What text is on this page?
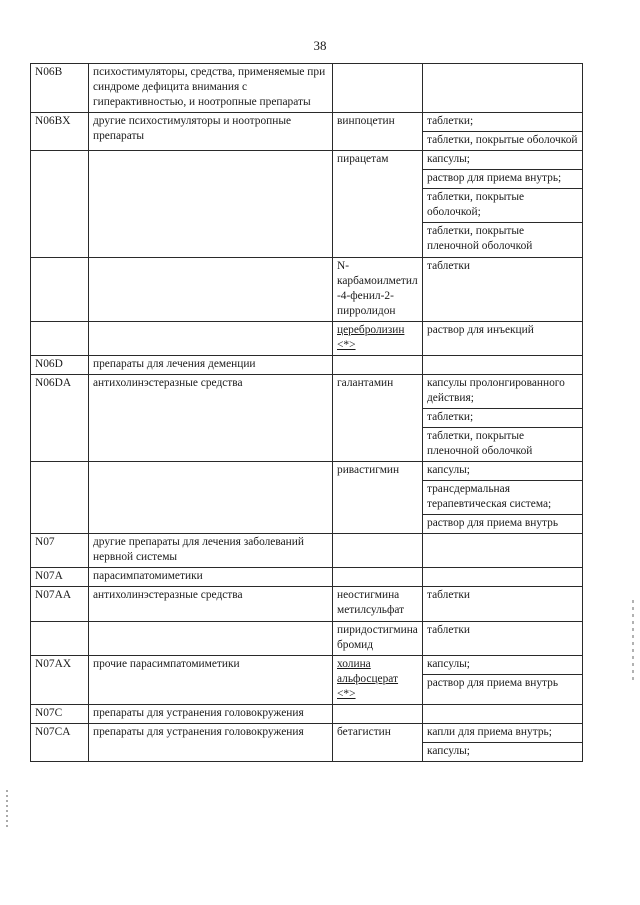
38
N06B	психостимуляторы, средства, применяемые при синдроме дефицита внимания с гиперактивностью, и ноотропные препараты		

N06BX	другие психостимуляторы и ноотропные препараты	винпоцетин	таблетки;
таблетки, покрытые оболочкой

		пирацетам	капсулы;
раствор для приема внутрь;
таблетки, покрытые оболочкой;
таблетки, покрытые пленочной оболочкой

		N-карбамоилметил-4-фенил-2-пирролидон	таблетки

		церебролизин <*>	раствор для инъекций

N06D	препараты для лечения деменции		

N06DA	антихолинэстеразные средства	галантамин	капсулы пролонгированного действия;
таблетки;
таблетки, покрытые пленочной оболочкой

		ривастигмин	капсулы;
трансдермальная терапевтическая система;
раствор для приема внутрь

N07	другие препараты для лечения заболеваний нервной системы		

N07A	парасимпатомиметики		

N07AA	антихолинэстеразные средства	неостигмина метилсульфат	таблетки

		пиридостигмина бромид	таблетки

N07AX	прочие парасимпатомиметики	холина альфосцерат <*>	капсулы;
раствор для приема внутрь

N07C	препараты для устранения головокружения		

N07CA	препараты для устранения головокружения	бетагистин	капли для приема внутрь;
капсулы;
